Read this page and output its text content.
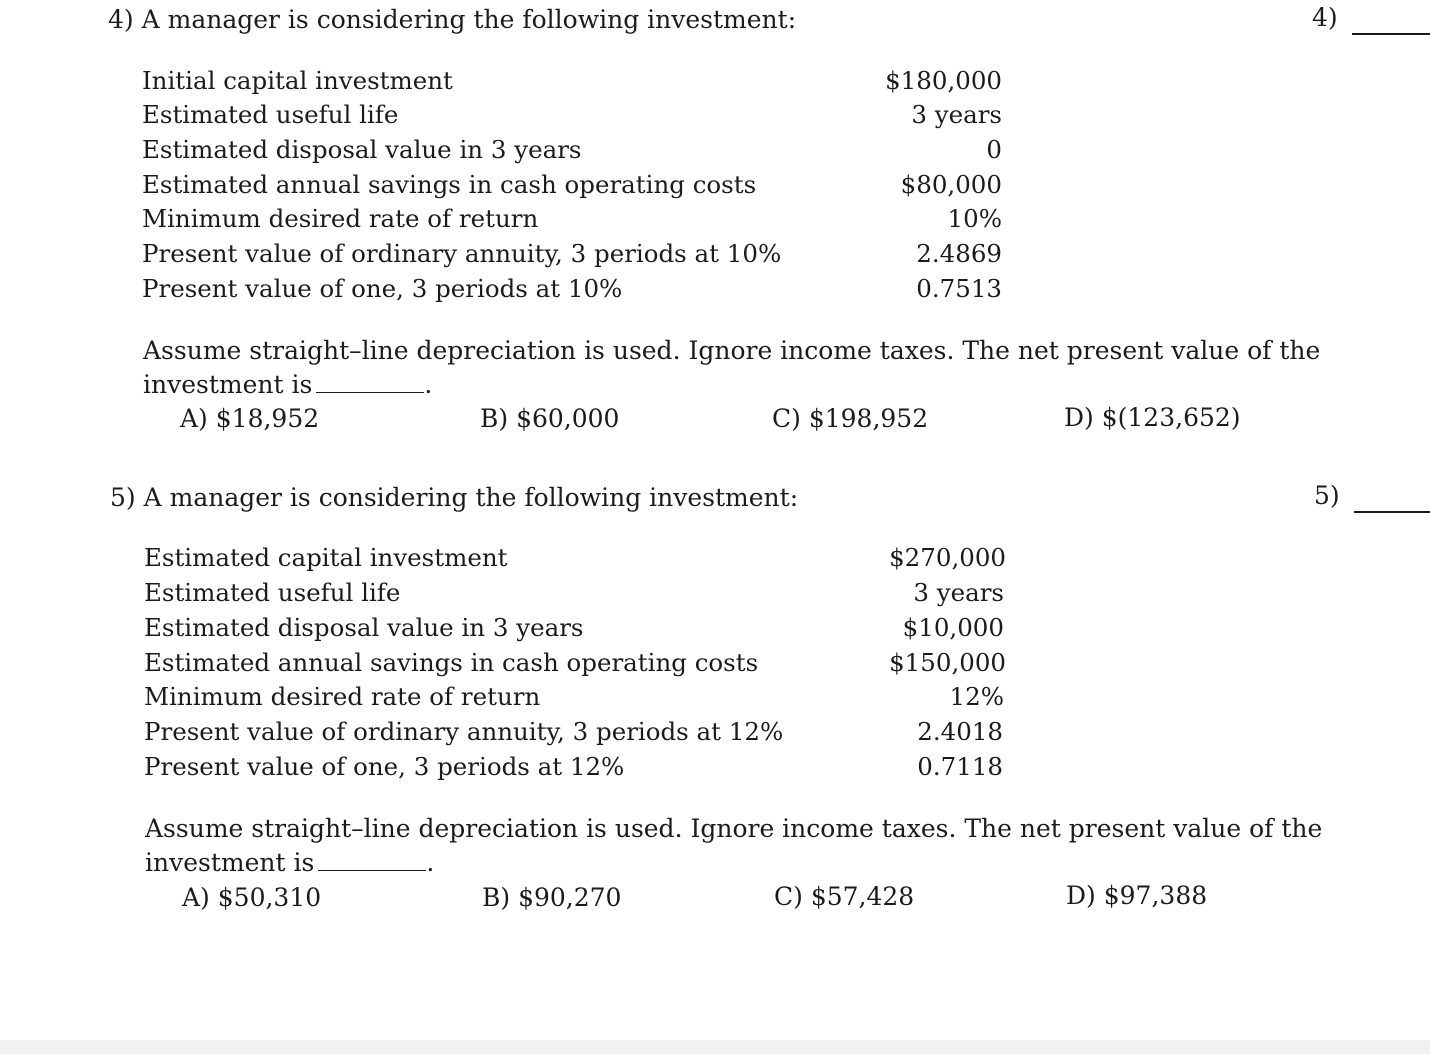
4) A manager is considering the following investment:	4)
Initial capital investment	$180,000
Estimated useful life	3 years
Estimated disposal value in 3 years	0
Estimated annual savings in cash operating costs	$80,000
Minimum desired rate of return	10%
Present value of ordinary annuity, 3 periods at 10%	2.4869
Present value of one, 3 periods at 10%	0.7513
Assume straight–line depreciation is used. Ignore income taxes. The net present value of the
investment is	.
A) $18,952	B) $60,000	C) $198,952	D) $(123,652)
5) A manager is considering the following investment:	5)
Estimated capital investment	$270,000
Estimated useful life	3 years
Estimated disposal value in 3 years	$10,000
Estimated annual savings in cash operating costs	$150,000
Minimum desired rate of return	12%
Present value of ordinary annuity, 3 periods at 12%	2.4018
Present value of one, 3 periods at 12%	0.7118
Assume straight–line depreciation is used. Ignore income taxes. The net present value of the
investment is	.
A) $50,310	B) $90,270	C) $57,428	D) $97,388
